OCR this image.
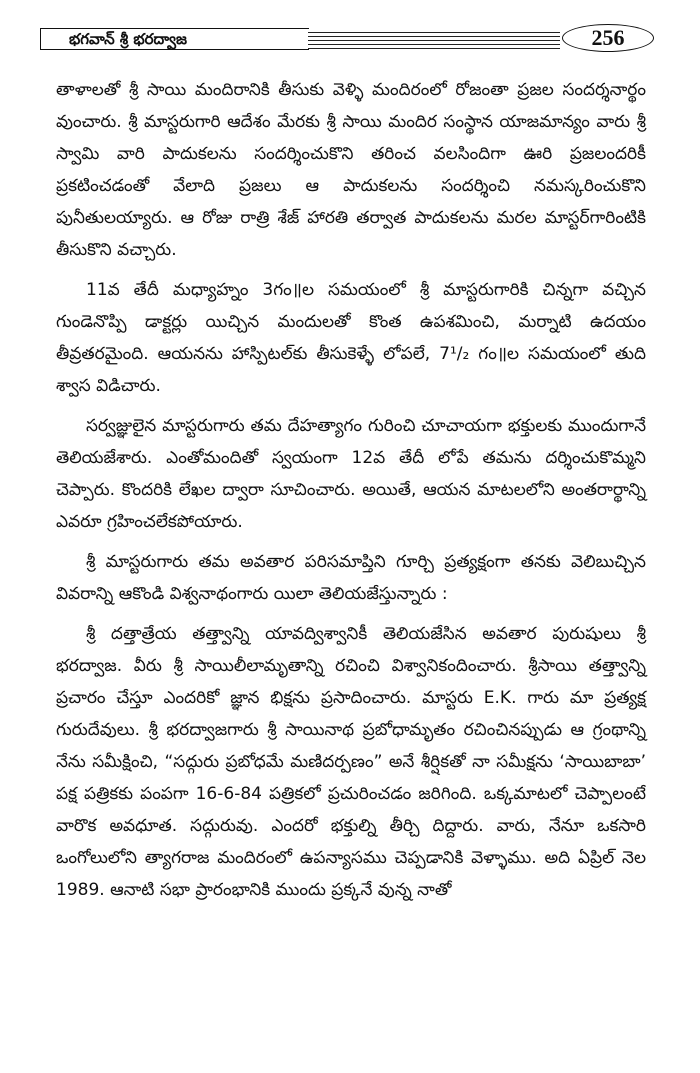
భగవాన్ శ్రీ భరద్వాజ	256

తాళాలతో శ్రీ సాయి మందిరానికి తీసుకు వెళ్ళి మందిరంలో రోజంతా ప్రజల సందర్శనార్థం వుంచారు. శ్రీ మాస్టరుగారి ఆదేశం మేరకు శ్రీ సాయి మందిర సంస్థాన యాజమాన్యం వారు శ్రీ స్వామి వారి పాదుకలను సందర్శించుకొని తరించ వలసిందిగా ఊరి ప్రజలందరికీ ప్రకటించడంతో వేలాది ప్రజలు ఆ పాదుకలను సందర్శించి నమస్కరించుకొని పునీతులయ్యారు. ఆ రోజు రాత్రి శేజ్ హారతి తర్వాత పాదుకలను మరల మాస్టర్‌గారింటికి తీసుకొని వచ్చారు.

11వ తేదీ మధ్యాహ్నం 3గం॥ల సమయంలో శ్రీ మాస్టరుగారికి చిన్నగా వచ్చిన గుండెనొప్పి డాక్టర్లు యిచ్చిన మందులతో కొంత ఉపశమించి, మర్నాటి ఉదయం తీవ్రతరమైంది. ఆయనను హాస్పిటల్‌కు తీసుకెళ్ళే లోపలే, 7¹/₂ గం॥ల సమయంలో తుది శ్వాస విడిచారు.

సర్వజ్ఞులైన మాస్టరుగారు తమ దేహత్యాగం గురించి చూచాయగా భక్తులకు ముందుగానే తెలియజేశారు. ఎంతోమందితో స్వయంగా 12వ తేదీ లోపే తమను దర్శించుకొమ్మని చెప్పారు. కొందరికి లేఖల ద్వారా సూచించారు. అయితే, ఆయన మాటలలోని అంతరార్థాన్ని ఎవరూ గ్రహించలేకపోయారు.

శ్రీ మాస్టరుగారు తమ అవతార పరిసమాప్తిని గూర్చి ప్రత్యక్షంగా తనకు వెలిబుచ్చిన వివరాన్ని ఆకొండి విశ్వనాథంగారు యిలా తెలియజేస్తున్నారు :

శ్రీ దత్తాత్రేయ తత్త్వాన్ని యావద్విశ్వానికీ తెలియజేసిన అవతార పురుషులు శ్రీ భరద్వాజ. వీరు శ్రీ సాయిలీలామృతాన్ని రచించి విశ్వానికందించారు. శ్రీసాయి తత్త్వాన్ని ప్రచారం చేస్తూ ఎందరికో జ్ఞాన భిక్షను ప్రసాదించారు. మాస్టరు E.K. గారు మా ప్రత్యక్ష గురుదేవులు. శ్రీ భరద్వాజగారు శ్రీ సాయినాథ ప్రబోధామృతం రచించినప్పుడు ఆ గ్రంథాన్ని నేను సమీక్షించి, “సద్గురు ప్రబోధమే మణిదర్పణం” అనే శీర్షికతో నా సమీక్షను ‘సాయిబాబా’ పక్ష పత్రికకు పంపగా 16-6-84 పత్రికలో ప్రచురించడం జరిగింది. ఒక్కమాటలో చెప్పాలంటే వారొక అవధూత. సద్గురువు. ఎందరో భక్తుల్ని తీర్చి దిద్దారు. వారు, నేనూ ఒకసారి ఒంగోలులోని త్యాగరాజ మందిరంలో ఉపన్యాసము చెప్పడానికి వెళ్ళాము. అది ఏప్రిల్ నెల 1989. ఆనాటి సభా ప్రారంభానికి ముందు ప్రక్కనే వున్న నాతో
